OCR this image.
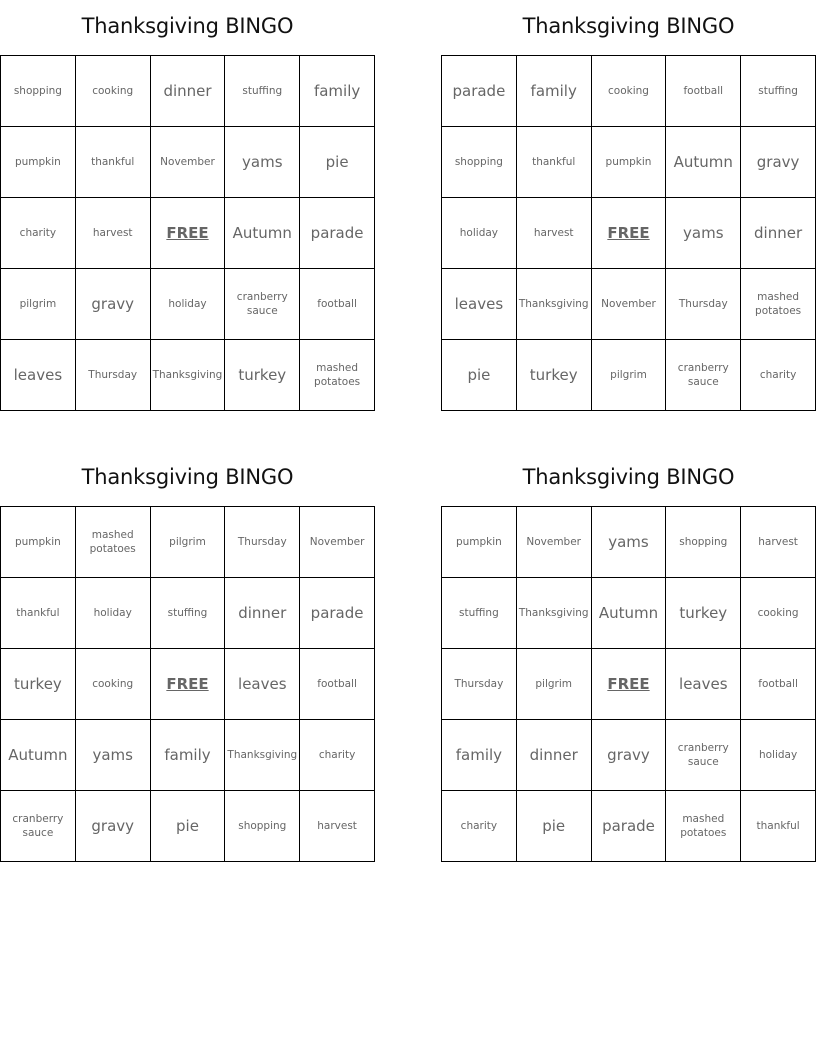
Thanksgiving BINGO
shopping	cooking	dinner	stuffing	family
pumpkin	thankful	November	yams	pie
charity	harvest	FREE	Autumn	parade
pilgrim	gravy	holiday	cranberry sauce	football
leaves	Thursday	Thanksgiving	turkey	mashed potatoes
Thanksgiving BINGO
parade	family	cooking	football	stuffing
shopping	thankful	pumpkin	Autumn	gravy
holiday	harvest	FREE	yams	dinner
leaves	Thanksgiving	November	Thursday	mashed potatoes
pie	turkey	pilgrim	cranberry sauce	charity
Thanksgiving BINGO
pumpkin	mashed potatoes	pilgrim	Thursday	November
thankful	holiday	stuffing	dinner	parade
turkey	cooking	FREE	leaves	football
Autumn	yams	family	Thanksgiving	charity
cranberry sauce	gravy	pie	shopping	harvest
Thanksgiving BINGO
pumpkin	November	yams	shopping	harvest
stuffing	Thanksgiving	Autumn	turkey	cooking
Thursday	pilgrim	FREE	leaves	football
family	dinner	gravy	cranberry sauce	holiday
charity	pie	parade	mashed potatoes	thankful
